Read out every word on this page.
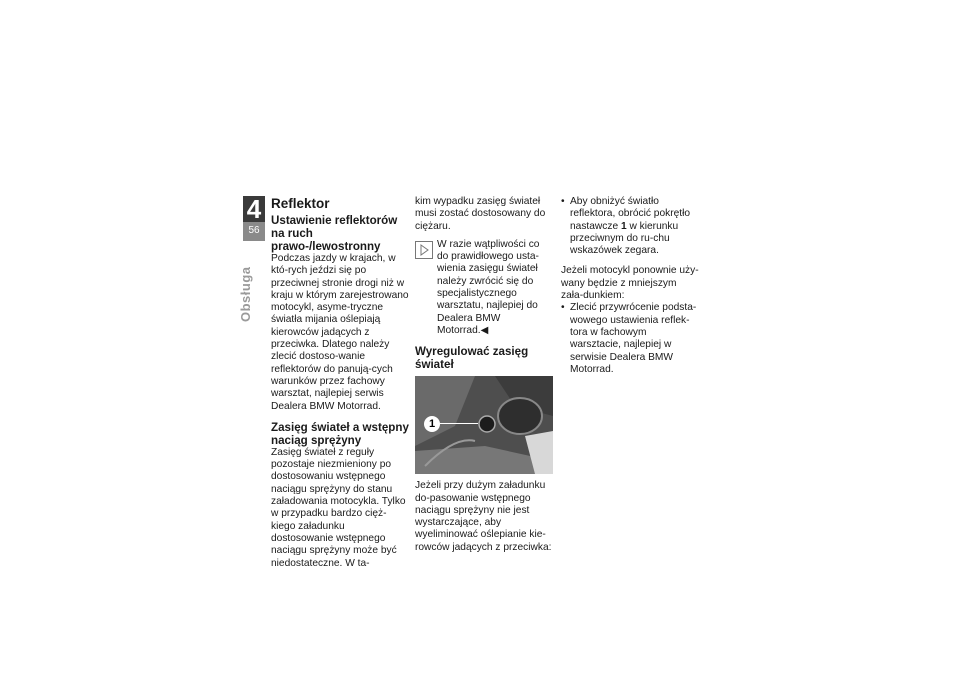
4
56
Obsługa
Reflektor
Ustawienie reflektorów na ruch prawo-/lewostronny

Podczas jazdy w krajach, w któ-rych jeździ się po przeciwnej stronie drogi niż w kraju w którym zarejestrowano motocykl, asyme-tryczne światła mijania oślepiają kierowców jadących z przeciwka. Dlatego należy zlecić dostoso-wanie reflektorów do panują-cych warunków przez fachowy warsztat, najlepiej serwis Dealera BMW Motorrad.

Zasięg świateł a wstępny naciąg sprężyny

Zasięg świateł z reguły pozostaje niezmieniony po dostosowaniu wstępnego naciągu sprężyny do stanu załadowania motocykla. Tylko w przypadku bardzo cięż-kiego załadunku dostosowanie wstępnego naciągu sprężyny może być niedostateczne. W ta-

kim wypadku zasięg świateł musi zostać dostosowany do ciężaru.

W razie wątpliwości co do prawidłowego usta-wienia zasięgu świateł należy zwrócić się do specjalistycznego warsztatu, najlepiej do Dealera BMW Motorrad.◀

Wyregulować zasięg świateł
1

Jeżeli przy dużym załadunku do-pasowanie wstępnego naciągu sprężyny nie jest wystarczające, aby wyeliminować oślepianie kie-rowców jadących z przeciwka:

• Aby obniżyć światło reflektora, obrócić pokrętło nastawcze 1 w kierunku przeciwnym do ru-chu wskazówek zegara.

Jeżeli motocykl ponownie uży-wany będzie z mniejszym zała-dunkiem:

• Zlecić przywrócenie podsta-wowego ustawienia reflek-tora w fachowym warsztacie, najlepiej w serwisie Dealera BMW Motorrad.
